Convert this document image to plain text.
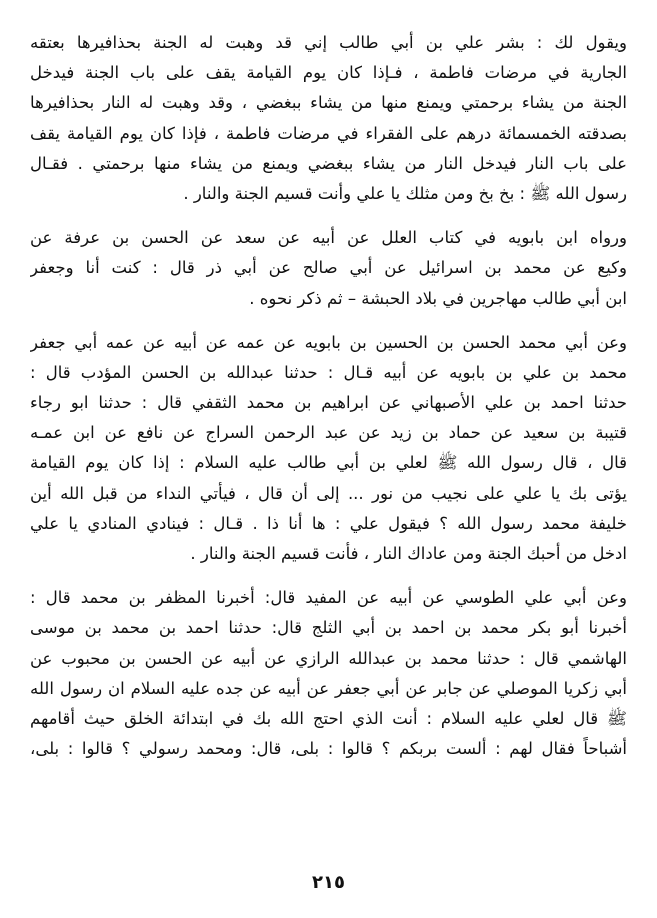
ويقول لك : بشر علي بن أبي طالب إني قد وهبت له الجنة بحذافيرها بعتقه
الجارية في مرضات فاطمة ، فـإذا كان يوم القيامة يقف على باب الجنة فيدخل
الجنة من يشاء برحمتي ويمنع منها من يشاء ببغضي ، وقد وهبت له النار بحذافيرها
بصدقته الخمسمائة درهم على الفقراء في مرضات فاطمة ، فإذا كان يوم القيامة يقف
على باب النار فيدخل النار من يشاء ببغضي ويمنع من يشاء منها برحمتي . فقـال
رسول الله ﷺ : بخ بخ ومن مثلك يا علي وأنت قسيم الجنة والنار .
ورواه ابن بابويه في كتاب العلل عن أبيه عن سعد عن الحسن بن عرفة عن
وكيع عن محمد بن اسرائيل عن أبي صالح عن أبي ذر قال : كنت أنا وجعفر
ابن أبي طالب مهاجرين في بلاد الحبشة – ثم ذكر نحوه .
وعن أبي محمد الحسن بن الحسين بن بابويه عن عمه عن أبيه عن عمه أبي جعفر
محمد بن علي بن بابويه عن أبيه قـال : حدثنا عبدالله بن الحسن المؤدب قال :
حدثنا احمد بن علي الأصبهاني عن ابراهيم بن محمد الثقفي قال : حدثنا ابو رجاء
قتيبة بن سعيد عن حماد بن زيد عن عبد الرحمن السراج عن نافع عن ابن عمـه
قال ، قال رسول الله ﷺ لعلي بن أبي طالب عليه السلام : إذا كان يوم القيامة
يؤتى بك يا علي على نجيب من نور ... إلى أن قال ، فيأتي النداء من قبل الله أين
خليفة محمد رسول الله ؟ فيقول علي : ها أنا ذا . قـال : فينادي المنادي يا علي
ادخل من أحبك الجنة ومن عاداك النار ، فأنت قسيم الجنة والنار .
وعن أبي علي الطوسي عن أبيه عن المفيد قال: أخبرنا المظفر بن محمد قال :
أخبرنا أبو بكر محمد بن احمد بن أبي الثلج قال: حدثنا احمد بن محمد بن موسى
الهاشمي قال : حدثنا محمد بن عبدالله الرازي عن أبيه عن الحسن بن محبوب عن
أبي زكريا الموصلي عن جابر عن أبي جعفر عن أبيه عن جده عليه السلام ان رسول الله
ﷺ قال لعلي عليه السلام : أنت الذي احتج الله بك في ابتدائة الخلق حيث أقامهم
أشباحاً فقال لهم : ألست بربكم ؟ قالوا : بلى، قال: ومحمد رسولي ؟ قالوا : بلى،
٢١٥
